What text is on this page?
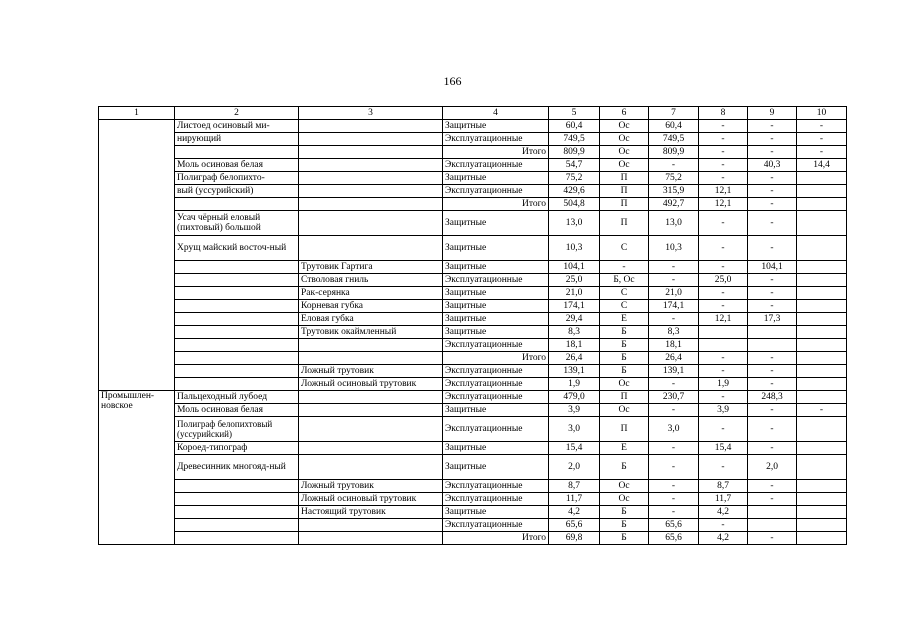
166
1	2	3	4	5	6	7	8	9	10
	Листоед осиновый ми-		Защитные	60,4	Ос	60,4	-	-	-
	нирующий		Эксплуатационные	749,5	Ос	749,5	-	-	-
			Итого	809,9	Ос	809,9	-	-	-
	Моль осиновая белая		Эксплуатационные	54,7	Ос	-	-	40,3	14,4
	Полиграф белопихто-		Защитные	75,2	П	75,2	-	-	
	вый (уссурийский)		Эксплуатационные	429,6	П	315,9	12,1	-	
			Итого	504,8	П	492,7	12,1	-	
	Усач чёрный еловый (пихтовый) большой		Защитные	13,0	П	13,0	-	-	
	Хрущ майский восточ-ный		Защитные	10,3	С	10,3	-	-	
		Трутовик Гартига	Защитные	104,1	-	-	-	104,1	
		Стволовая гниль	Эксплуатационные	25,0	Б, Ос	-	25,0	-	
		Рак-серянка	Защитные	21,0	С	21,0	-	-	
		Корневая губка	Защитные	174,1	С	174,1	-	-	
		Еловая губка	Защитные	29,4	Е	-	12,1	17,3	
		Трутовик окаймленный	Защитные	8,3	Б	8,3			
			Эксплуатационные	18,1	Б	18,1			
			Итого	26,4	Б	26,4	-	-	
		Ложный трутовик	Эксплуатационные	139,1	Б	139,1	-	-	
		Ложный осиновый трутовик	Эксплуатационные	1,9	Ос	-	1,9	-	
Промышлен-новское	Пальцеходный лубоед		Эксплуатационные	479,0	П	230,7	-	248,3	
	Моль осиновая белая		Защитные	3,9	Ос	-	3,9	-	-
	Полиграф белопихтовый (уссурийский)		Эксплуатационные	3,0	П	3,0	-	-	
	Короед-типограф		Защитные	15,4	Е	-	15,4	-	
	Древесинник многояд-ный		Защитные	2,0	Б	-	-	2,0	
		Ложный трутовик	Эксплуатационные	8,7	Ос	-	8,7	-	
		Ложный осиновый трутовик	Эксплуатационные	11,7	Ос	-	11,7	-	
		Настоящий трутовик	Защитные	4,2	Б	-	4,2		
			Эксплуатационные	65,6	Б	65,6	-		
			Итого	69,8	Б	65,6	4,2	-	
